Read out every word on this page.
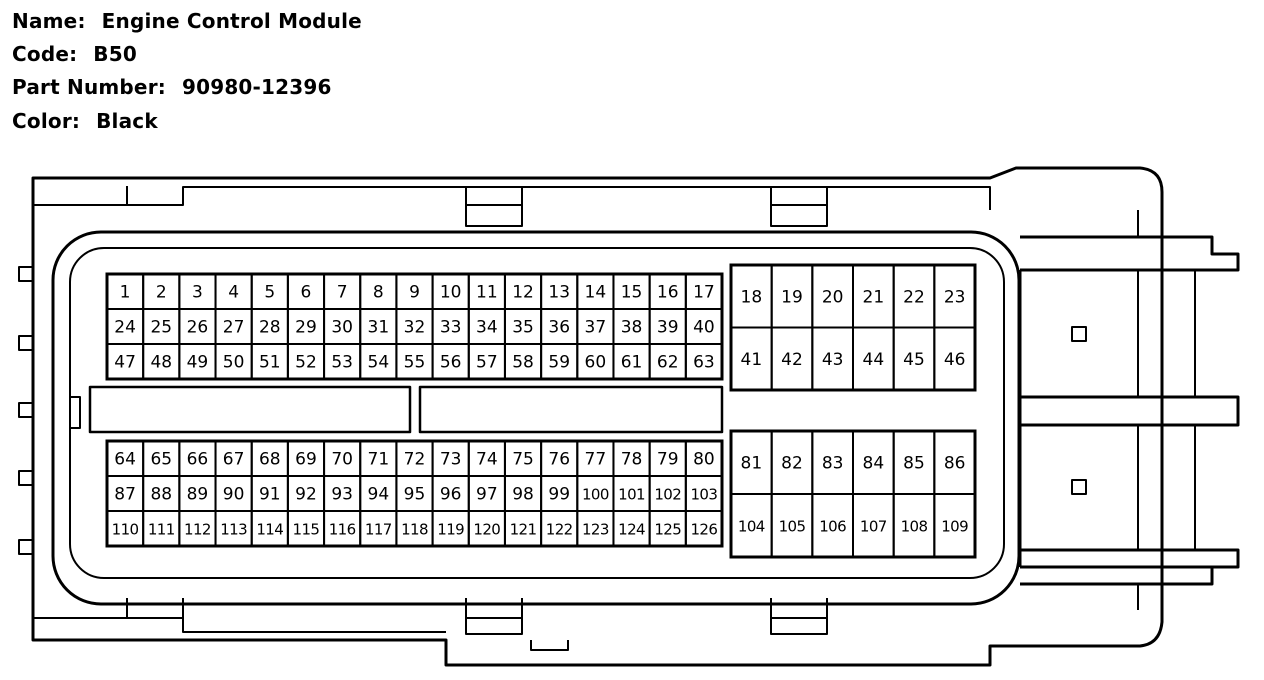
Name: Engine Control Module
Code: B50
Part Number: 90980-12396
Color: Black
1 2 3 4 5 6 7 8 9 10 11 12 13 14 15 16 17
24 25 26 27 28 29 30 31 32 33 34 35 36 37 38 39 40
47 48 49 50 51 52 53 54 55 56 57 58 59 60 61 62 63
18 19 20 21 22 23
41 42 43 44 45 46
64 65 66 67 68 69 70 71 72 73 74 75 76 77 78 79 80
87 88 89 90 91 92 93 94 95 96 97 98 99 100 101 102 103
110 111 112 113 114 115 116 117 118 119 120 121 122 123 124 125 126
81 82 83 84 85 86
104 105 106 107 108 109
